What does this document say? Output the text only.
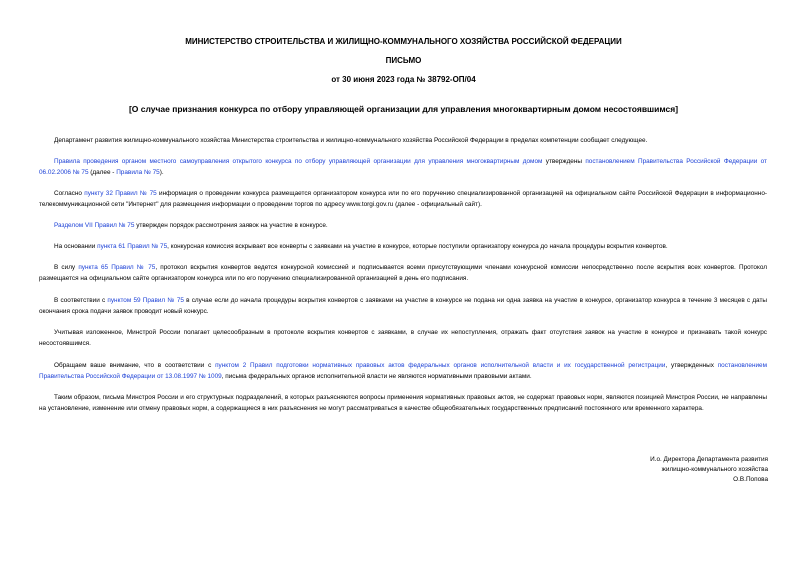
МИНИСТЕРСТВО СТРОИТЕЛЬСТВА И ЖИЛИЩНО-КОММУНАЛЬНОГО ХОЗЯЙСТВА РОССИЙСКОЙ ФЕДЕРАЦИИ
ПИСЬМО
от 30 июня 2023 года № 38792-ОП/04
[О случае признания конкурса по отбору управляющей организации для управления многоквартирным домом несостоявшимся]

Департамент развития жилищно-коммунального хозяйства Министерства строительства и жилищно-коммунального хозяйства Российской Федерации в пределах компетенции сообщает следующее.

Правила проведения органом местного самоуправления открытого конкурса по отбору управляющей организации для управления многоквартирным домом утверждены постановлением Правительства Российской Федерации от 06.02.2006 № 75 (далее - Правила № 75).

Согласно пункту 32 Правил № 75 информация о проведении конкурса размещается организатором конкурса или по его поручению специализированной организацией на официальном сайте Российской Федерации в информационно-телекоммуникационной сети "Интернет" для размещения информации о проведении торгов по адресу www.torgi.gov.ru (далее - официальный сайт).

Разделом VII Правил № 75 утвержден порядок рассмотрения заявок на участие в конкурсе.

На основании пункта 61 Правил № 75, конкурсная комиссия вскрывает все конверты с заявками на участие в конкурсе, которые поступили организатору конкурса до начала процедуры вскрытия конвертов.

В силу пункта 65 Правил № 75, протокол вскрытия конвертов ведется конкурсной комиссией и подписывается всеми присутствующими членами конкурсной комиссии непосредственно после вскрытия всех конвертов. Протокол размещается на официальном сайте организатором конкурса или по его поручению специализированной организацией в день его подписания.

В соответствии с пунктом 59 Правил № 75 в случае если до начала процедуры вскрытия конвертов с заявками на участие в конкурсе не подана ни одна заявка на участие в конкурсе, организатор конкурса в течение 3 месяцев с даты окончания срока подачи заявок проводит новый конкурс.

Учитывая изложенное, Минстрой России полагает целесообразным в протоколе вскрытия конвертов с заявками, в случае их непоступления, отражать факт отсутствия заявок на участие в конкурсе и признавать такой конкурс несостоявшимся.

Обращаем ваше внимание, что в соответствии с пунктом 2 Правил подготовки нормативных правовых актов федеральных органов исполнительной власти и их государственной регистрации, утвержденных постановлением Правительства Российской Федерации от 13.08.1997 № 1009, письма федеральных органов исполнительной власти не являются нормативными правовыми актами.

Таким образом, письма Минстроя России и его структурных подразделений, в которых разъясняются вопросы применения нормативных правовых актов, не содержат правовых норм, являются позицией Минстроя России, не направлены на установление, изменение или отмену правовых норм, а содержащиеся в них разъяснения не могут рассматриваться в качестве общеобязательных государственных предписаний постоянного или временного характера.

И.о. Директора Департамента развития
жилищно-коммунального хозяйства
О.В.Попова
